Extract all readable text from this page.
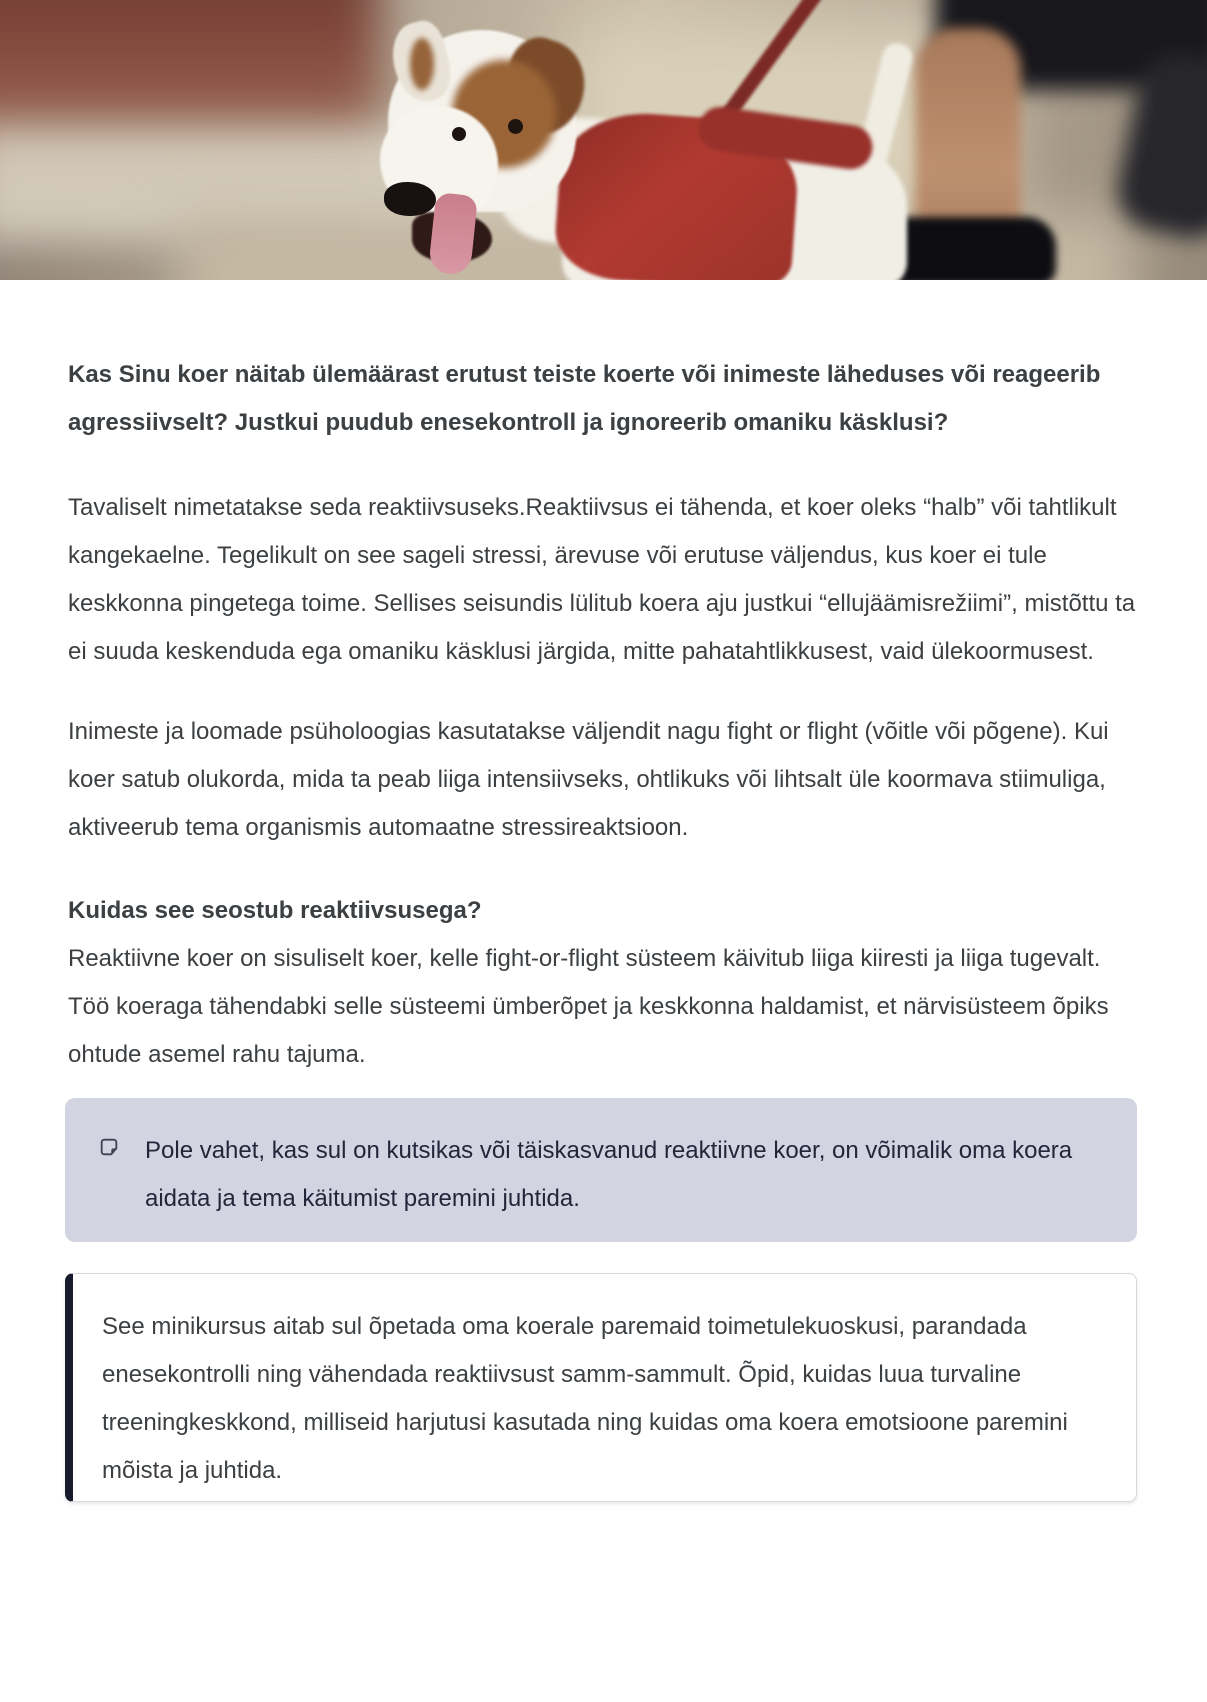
Kas Sinu koer näitab ülemäärast erutust teiste koerte või inimeste läheduses või reageerib agressiivselt? Justkui puudub enesekontroll ja ignoreerib omaniku käsklusi?

Tavaliselt nimetatakse seda reaktiivsuseks.Reaktiivsus ei tähenda, et koer oleks “halb” või tahtlikult kangekaelne. Tegelikult on see sageli stressi, ärevuse või erutuse väljendus, kus koer ei tule keskkonna pingetega toime. Sellises seisundis lülitub koera aju justkui “ellujäämisrežiimi”, mistõttu ta ei suuda keskenduda ega omaniku käsklusi järgida, mitte pahatahtlikkusest, vaid ülekoormusest.

Inimeste ja loomade psüholoogias kasutatakse väljendit nagu fight or flight (võitle või põgene). Kui koer satub olukorda, mida ta peab liiga intensiivseks, ohtlikuks või lihtsalt üle koormava stiimuliga, aktiveerub tema organismis automaatne stressireaktsioon.

Kuidas see seostub reaktiivsusega?

Reaktiivne koer on sisuliselt koer, kelle fight-or-flight süsteem käivitub liiga kiiresti ja liiga tugevalt. Töö koeraga tähendabki selle süsteemi ümberõpet ja keskkonna haldamist, et närvisüsteem õpiks ohtude asemel rahu tajuma.

Pole vahet, kas sul on kutsikas või täiskasvanud reaktiivne koer, on võimalik oma koera aidata ja tema käitumist paremini juhtida.

See minikursus aitab sul õpetada oma koerale paremaid toimetulekuoskusi, parandada enesekontrolli ning vähendada reaktiivsust samm-sammult. Õpid, kuidas luua turvaline treeningkeskkond, milliseid harjutusi kasutada ning kuidas oma koera emotsioone paremini mõista ja juhtida.
